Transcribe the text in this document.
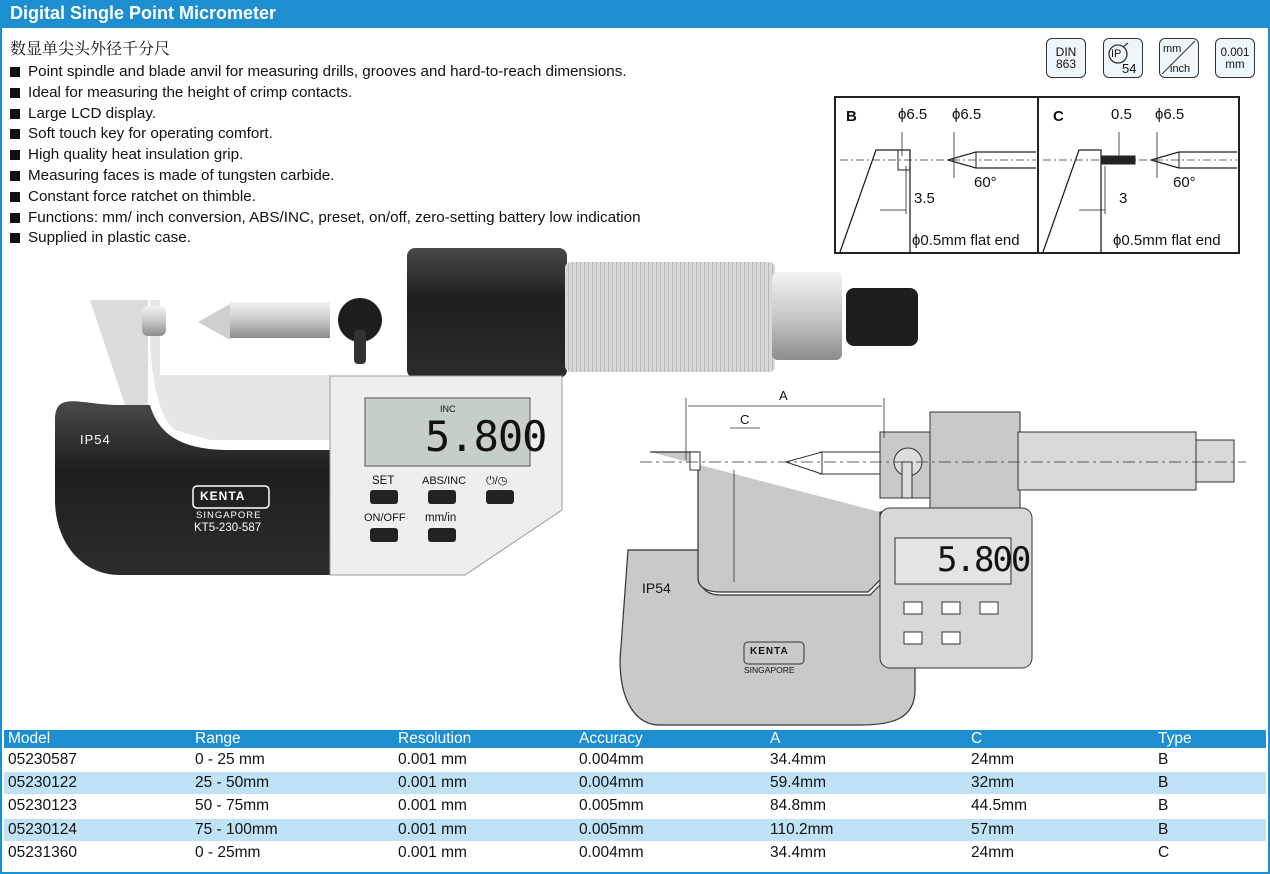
Digital Single Point Micrometer
数显单尖头外径千分尺
Point spindle and blade anvil for measuring drills, grooves and hard-to-reach dimensions.
Ideal for measuring the height of crimp contacts.
Large LCD display.
Soft touch key for operating comfort.
High quality heat insulation grip.
Measuring faces is made of tungsten carbide.
Constant force ratchet on thimble.
Functions: mm/ inch conversion, ABS/INC, preset, on/off, zero-setting battery low indication
Supplied in plastic case.
DIN
863
IP
54
mm
inch
0.001
mm
B	ϕ6.5 ϕ6.5
60°
3.5
ϕ0.5mm flat end
C	0.5 ϕ6.5
60°
3
ϕ0.5mm flat end
IP54
KENTA
SINGAPORE
KT5-230-587
INC
5.800
SET	ABS/INC ⏻/◷
ON/OFF mm/in
A
C
IP54
KENTA
SINGAPORE
5.800
Model	Range	Resolution	Accuracy	A	C	Type
05230587	0 - 25 mm	0.001 mm	0.004mm	34.4mm	24mm	B
05230122	25 - 50mm	0.001 mm	0.004mm	59.4mm	32mm	B
05230123	50 - 75mm	0.001 mm	0.005mm	84.8mm	44.5mm	B
05230124	75 - 100mm	0.001 mm	0.005mm	110.2mm	57mm	B
05231360	0 - 25mm	0.001 mm	0.004mm	34.4mm	24mm	C
